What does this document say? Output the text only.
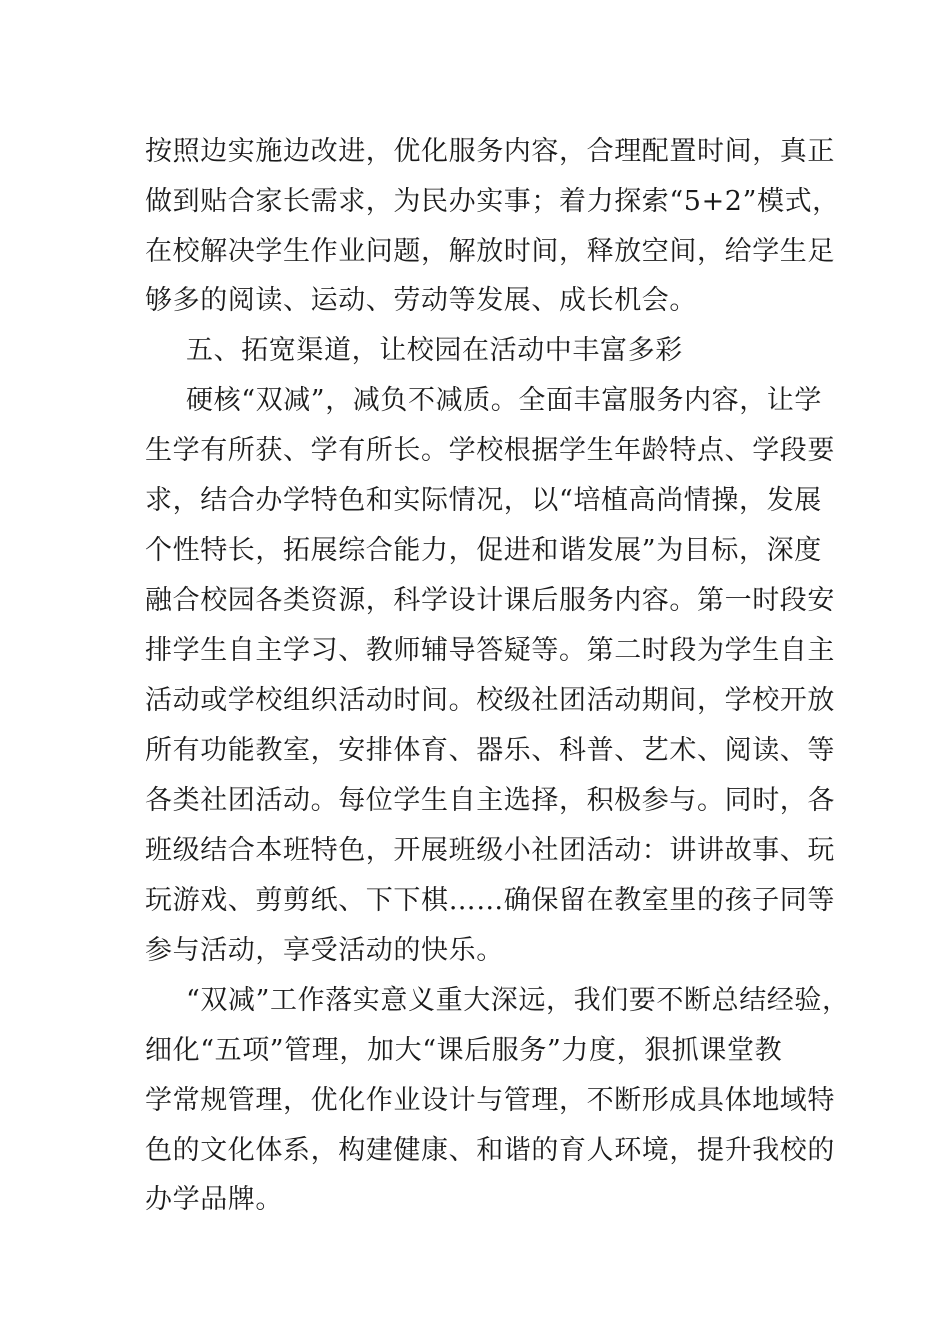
按照边实施边改进，优化服务内容，合理配置时间，真正
做到贴合家长需求，为民办实事；着力探索“5+2”模式，
在校解决学生作业问题，解放时间，释放空间，给学生足
够多的阅读、运动、劳动等发展、成长机会。
五、拓宽渠道，让校园在活动中丰富多彩
硬核“双减”，减负不减质。全面丰富服务内容，让学
生学有所获、学有所长。学校根据学生年龄特点、学段要
求，结合办学特色和实际情况，以“培植高尚情操，发展
个性特长，拓展综合能力，促进和谐发展”为目标，深度
融合校园各类资源，科学设计课后服务内容。第一时段安
排学生自主学习、教师辅导答疑等。第二时段为学生自主
活动或学校组织活动时间。校级社团活动期间，学校开放
所有功能教室，安排体育、器乐、科普、艺术、阅读、等
各类社团活动。每位学生自主选择，积极参与。同时，各
班级结合本班特色，开展班级小社团活动：讲讲故事、玩
玩游戏、剪剪纸、下下棋……确保留在教室里的孩子同等
参与活动，享受活动的快乐。
“双减”工作落实意义重大深远，我们要不断总结经验，
细化“五项”管理，加大“课后服务”力度，狠抓课堂教
学常规管理，优化作业设计与管理，不断形成具体地域特
色的文化体系，构建健康、和谐的育人环境，提升我校的
办学品牌。
